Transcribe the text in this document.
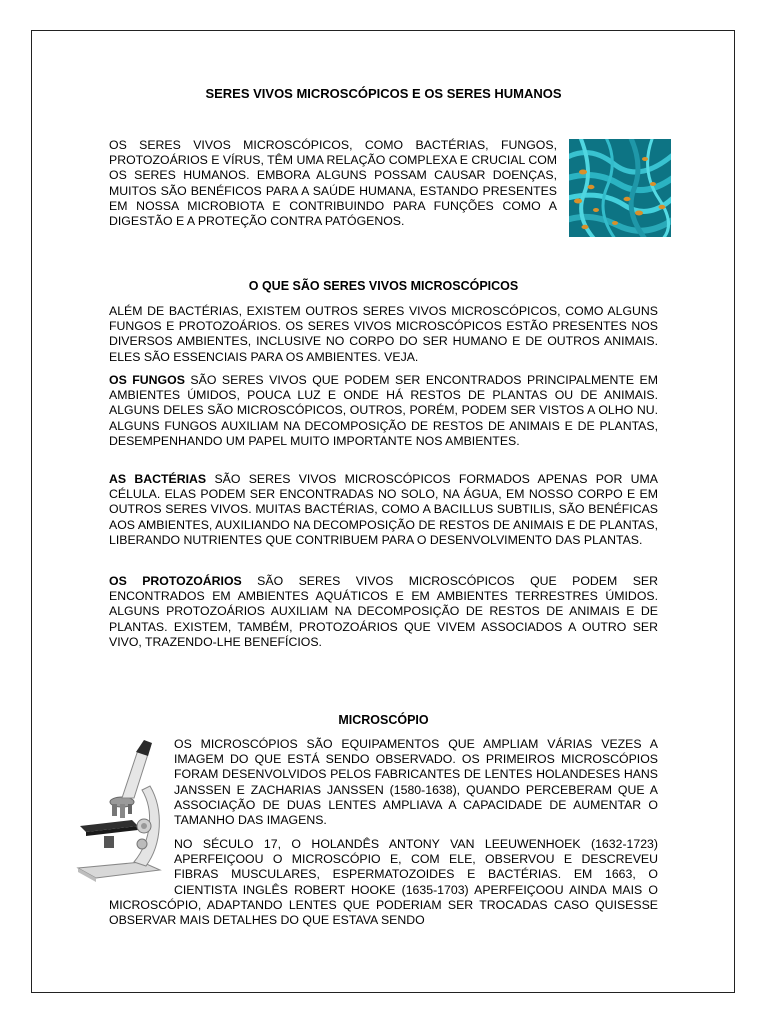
SERES VIVOS MICROSCÓPICOS E OS SERES HUMANOS

OS SERES VIVOS MICROSCÓPICOS, COMO BACTÉRIAS, FUNGOS, PROTOZOÁRIOS E VÍRUS, TÊM UMA RELAÇÃO COMPLEXA E CRUCIAL COM OS SERES HUMANOS. EMBORA ALGUNS POSSAM CAUSAR DOENÇAS, MUITOS SÃO BENÉFICOS PARA A SAÚDE HUMANA, ESTANDO PRESENTES EM NOSSA MICROBIOTA E CONTRIBUINDO PARA FUNÇÕES COMO A DIGESTÃO E A PROTEÇÃO CONTRA PATÓGENOS.

O QUE SÃO SERES VIVOS MICROSCÓPICOS

ALÉM DE BACTÉRIAS, EXISTEM OUTROS SERES VIVOS MICROSCÓPICOS, COMO ALGUNS FUNGOS E PROTOZOÁRIOS. OS SERES VIVOS MICROSCÓPICOS ESTÃO PRESENTES NOS DIVERSOS AMBIENTES, INCLUSIVE NO CORPO DO SER HUMANO E DE OUTROS ANIMAIS. ELES SÃO ESSENCIAIS PARA OS AMBIENTES. VEJA.

OS FUNGOS SÃO SERES VIVOS QUE PODEM SER ENCONTRADOS PRINCIPALMENTE EM AMBIENTES ÚMIDOS, POUCA LUZ E ONDE HÁ RESTOS DE PLANTAS OU DE ANIMAIS. ALGUNS DELES SÃO MICROSCÓPICOS, OUTROS, PORÉM, PODEM SER VISTOS A OLHO NU. ALGUNS FUNGOS AUXILIAM NA DECOMPOSIÇÃO DE RESTOS DE ANIMAIS E DE PLANTAS, DESEMPENHANDO UM PAPEL MUITO IMPORTANTE NOS AMBIENTES.

AS BACTÉRIAS SÃO SERES VIVOS MICROSCÓPICOS FORMADOS APENAS POR UMA CÉLULA. ELAS PODEM SER ENCONTRADAS NO SOLO, NA ÁGUA, EM NOSSO CORPO E EM OUTROS SERES VIVOS. MUITAS BACTÉRIAS, COMO A BACILLUS SUBTILIS, SÃO BENÉFICAS AOS AMBIENTES, AUXILIANDO NA DECOMPOSIÇÃO DE RESTOS DE ANIMAIS E DE PLANTAS, LIBERANDO NUTRIENTES QUE CONTRIBUEM PARA O DESENVOLVIMENTO DAS PLANTAS.

OS PROTOZOÁRIOS SÃO SERES VIVOS MICROSCÓPICOS QUE PODEM SER ENCONTRADOS EM AMBIENTES AQUÁTICOS E EM AMBIENTES TERRESTRES ÚMIDOS. ALGUNS PROTOZOÁRIOS AUXILIAM NA DECOMPOSIÇÃO DE RESTOS DE ANIMAIS E DE PLANTAS. EXISTEM, TAMBÉM, PROTOZOÁRIOS QUE VIVEM ASSOCIADOS A OUTRO SER VIVO, TRAZENDO-LHE BENEFÍCIOS.

MICROSCÓPIO

OS MICROSCÓPIOS SÃO EQUIPAMENTOS QUE AMPLIAM VÁRIAS VEZES A IMAGEM DO QUE ESTÁ SENDO OBSERVADO. OS PRIMEIROS MICROSCÓPIOS FORAM DESENVOLVIDOS PELOS FABRICANTES DE LENTES HOLANDESES HANS JANSSEN E ZACHARIAS JANSSEN (1580-1638), QUANDO PERCEBERAM QUE A ASSOCIAÇÃO DE DUAS LENTES AMPLIAVA A CAPACIDADE DE AUMENTAR O TAMANHO DAS IMAGENS.

NO SÉCULO 17, O HOLANDÊS ANTONY VAN LEEUWENHOEK (1632-1723) APERFEIÇOOU O MICROSCÓPIO E, COM ELE, OBSERVOU E DESCREVEU FIBRAS MUSCULARES, ESPERMATOZOIDES E BACTÉRIAS. EM 1663, O CIENTISTA INGLÊS ROBERT HOOKE (1635-1703) APERFEIÇOOU AINDA MAIS O MICROSCÓPIO, ADAPTANDO LENTES QUE PODERIAM SER TROCADAS CASO QUISESSE OBSERVAR MAIS DETALHES DO QUE ESTAVA SENDO
